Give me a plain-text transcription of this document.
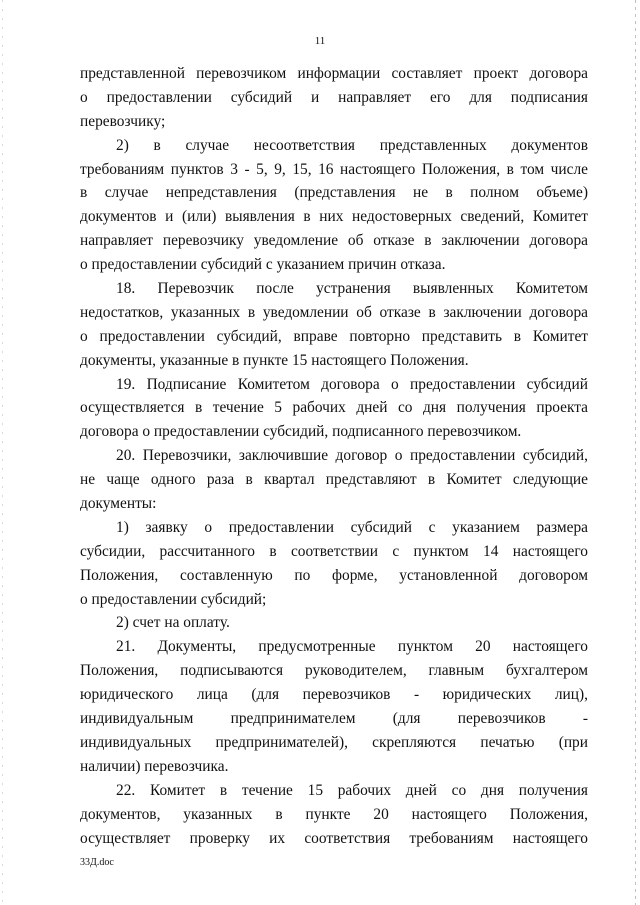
11
представленной перевозчиком информации составляет проект договора
о предоставлении субсидий и направляет его для подписания
перевозчику;
2) в случае несоответствия представленных документов
требованиям пунктов 3 - 5, 9, 15, 16 настоящего Положения, в том числе
в случае непредставления (представления не в полном объеме)
документов и (или) выявления в них недостоверных сведений, Комитет
направляет перевозчику уведомление об отказе в заключении договора
о предоставлении субсидий с указанием причин отказа.
18. Перевозчик после устранения выявленных Комитетом
недостатков, указанных в уведомлении об отказе в заключении договора
о предоставлении субсидий, вправе повторно представить в Комитет
документы, указанные в пункте 15 настоящего Положения.
19. Подписание Комитетом договора о предоставлении субсидий
осуществляется в течение 5 рабочих дней со дня получения проекта
договора о предоставлении субсидий, подписанного перевозчиком.
20. Перевозчики, заключившие договор о предоставлении субсидий,
не чаще одного раза в квартал представляют в Комитет следующие
документы:
1) заявку о предоставлении субсидий с указанием размера
субсидии, рассчитанного в соответствии с пунктом 14 настоящего
Положения, составленную по форме, установленной договором
о предоставлении субсидий;
2) счет на оплату.
21. Документы, предусмотренные пунктом 20 настоящего
Положения, подписываются руководителем, главным бухгалтером
юридического лица (для перевозчиков - юридических лиц),
индивидуальным предпринимателем (для перевозчиков -
индивидуальных предпринимателей), скрепляются печатью (при
наличии) перевозчика.
22. Комитет в течение 15 рабочих дней со дня получения
документов, указанных в пункте 20 настоящего Положения,
осуществляет проверку их соответствия требованиям настоящего
33Д.doc
